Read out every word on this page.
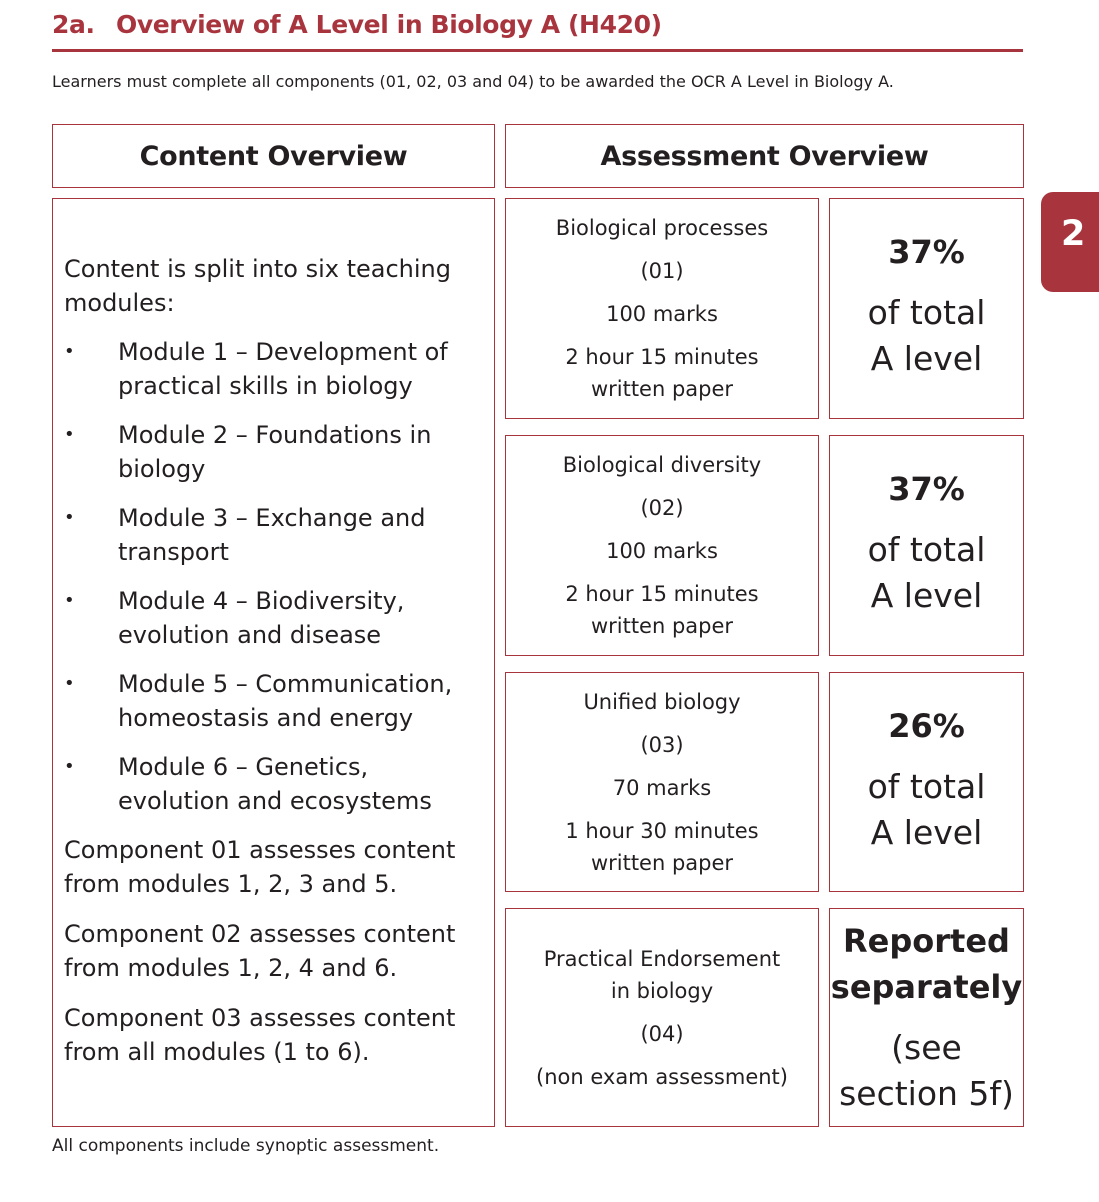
2a. Overview of A Level in Biology A (H420)
Learners must complete all components (01, 02, 03 and 04) to be awarded the OCR A Level in Biology A.
2
Content Overview	Assessment Overview

Content is split into six teaching modules:

• Module 1 – Development of practical skills in biology
• Module 2 – Foundations in biology
• Module 3 – Exchange and transport
• Module 4 – Biodiversity, evolution and disease
• Module 5 – Communication, homeostasis and energy
• Module 6 – Genetics, evolution and ecosystems

Component 01 assesses content from modules 1, 2, 3 and 5.

Component 02 assesses content from modules 1, 2, 4 and 6.

Component 03 assesses content from all modules (1 to 6).

Biological processes
(01)
100 marks
2 hour 15 minutes
written paper
37%
of total
A level
Biological diversity
(02)
100 marks
2 hour 15 minutes
written paper
37%
of total
A level
Unified biology
(03)
70 marks
1 hour 30 minutes
written paper
26%
of total
A level
Practical Endorsement
in biology
(04)
(non exam assessment)
Reported
separately
(see
section 5f)
All components include synoptic assessment.
